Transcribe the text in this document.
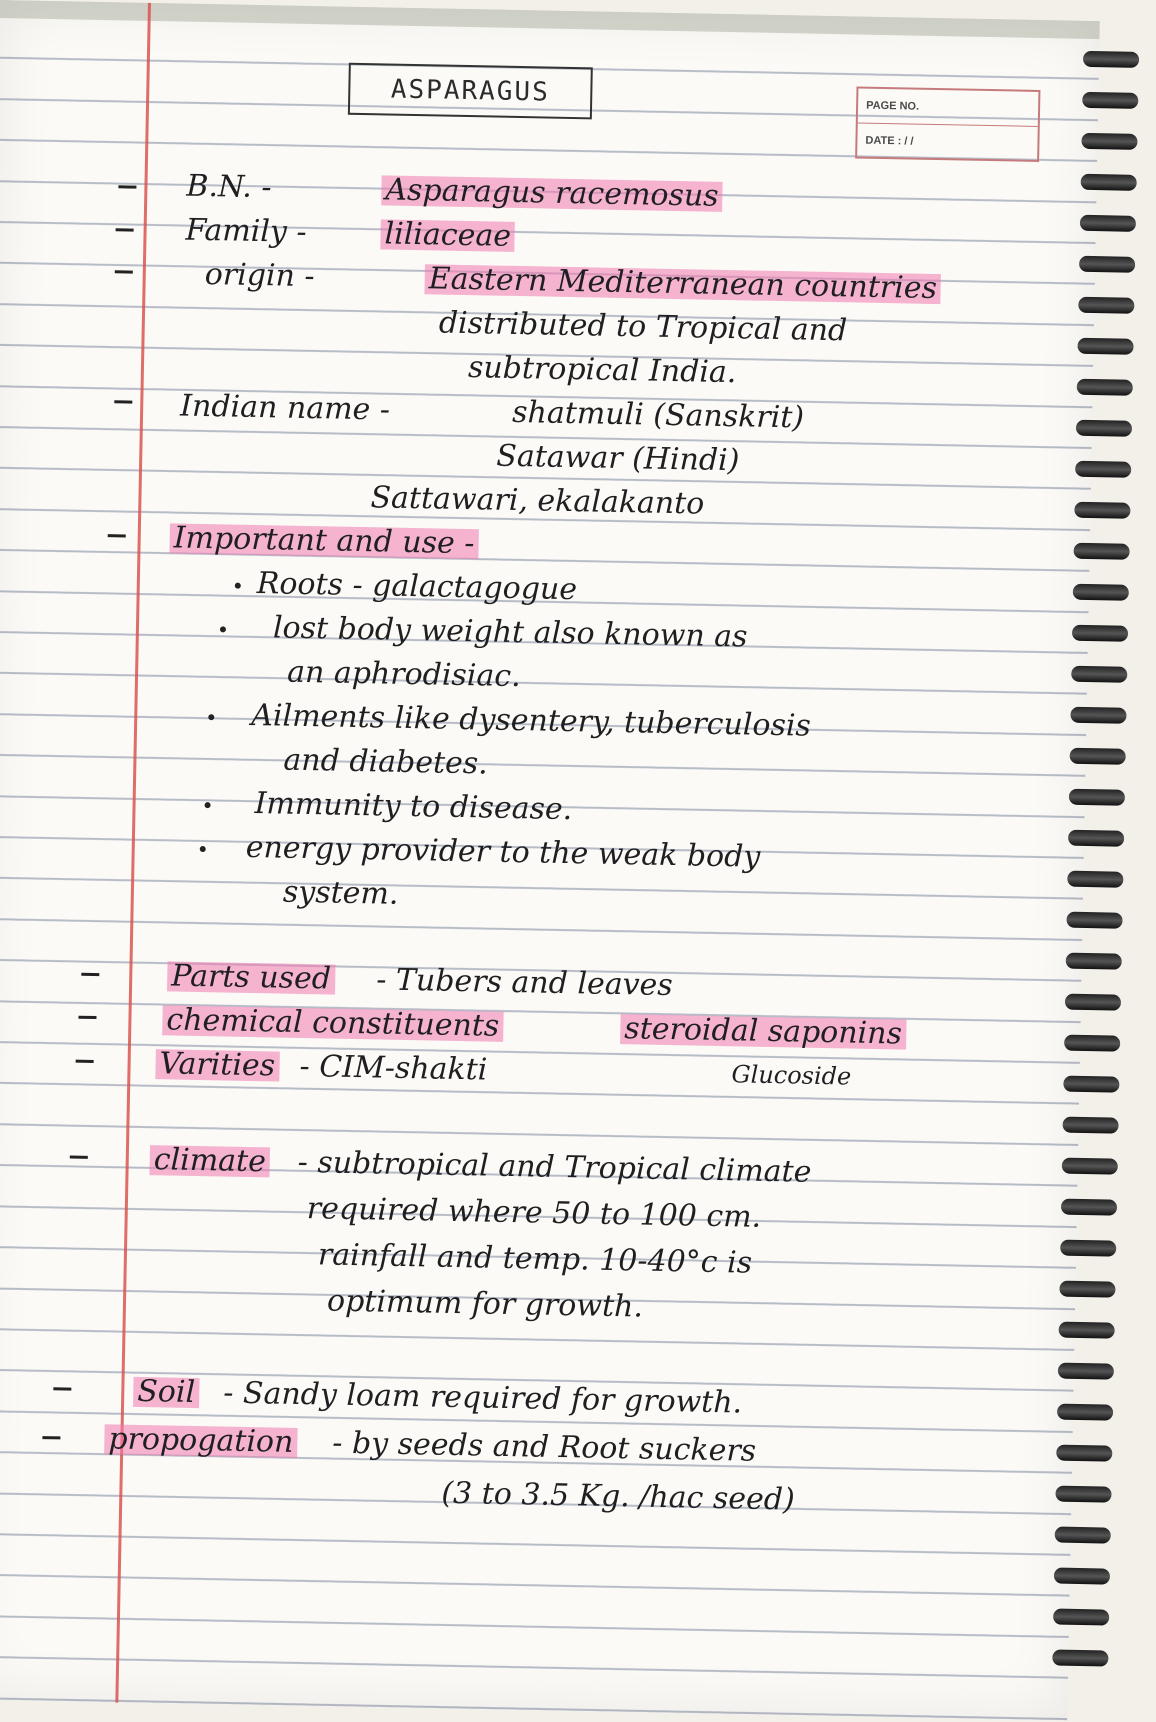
ASPARAGUS	PAGE NO.
DATE : / /
B.N. -	Asparagus racemosus
Family -	liliaceae
origin -	Eastern Mediterranean countries
distributed to Tropical and
subtropical India.
Indian name -	shatmuli (Sanskrit)
Satawar (Hindi)
Sattawari, ekalakanto
Important and use -
Roots - galactagogue
lost body weight also known as
an aphrodisiac.
Ailments like dysentery, tuberculosis
and diabetes.
Immunity to disease.
energy provider to the weak body
system.
Parts used - Tubers and leaves
chemical constituents	steroidal saponins
Glucoside
Varities - CIM-shakti
climate - subtropical and Tropical climate
required where 50 to 100 cm.
rainfall and temp. 10-40°c is
optimum for growth.
Soil - Sandy loam required for growth.
propogation - by seeds and Root suckers
(3 to 3.5 Kg. /hac seed)
